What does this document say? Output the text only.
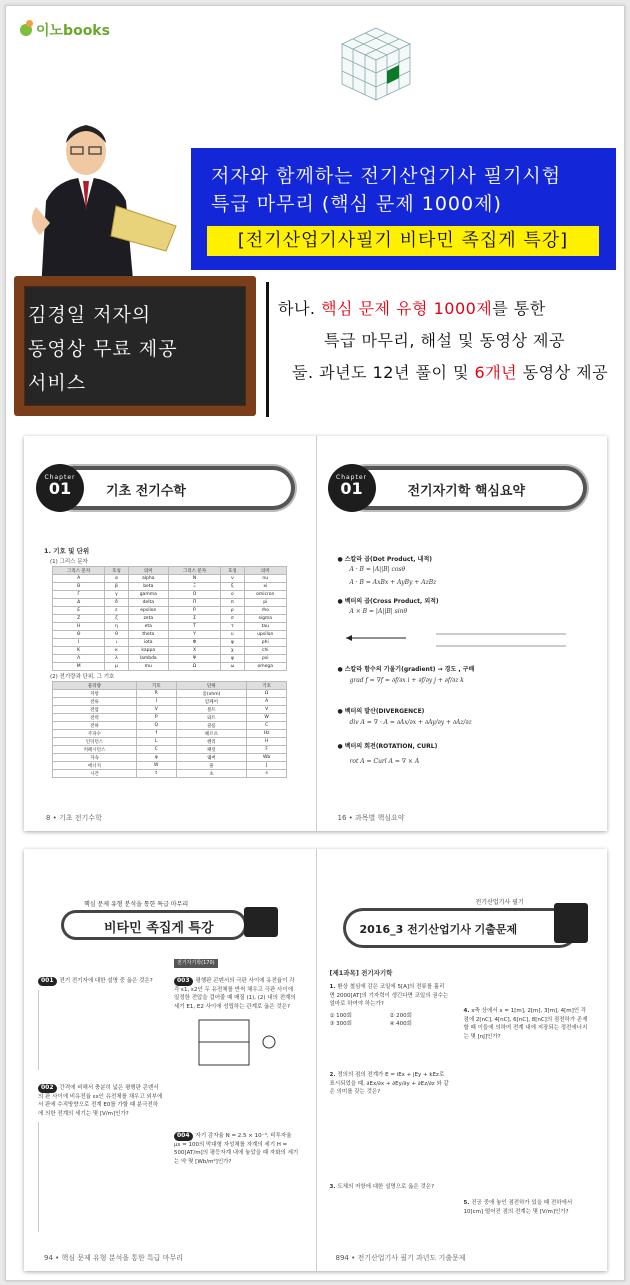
이노books
저자와 함께하는 전기산업기사 필기시험
특급 마무리 (핵심 문제 1000제)
[전기산업기사필기 비타민 족집게 특강]
김경일 저자의
동영상 무료 제공
서비스
하나. 핵심 문제 유형 1000제를 통한
특급 마무리, 해설 및 동영상 제공
둘. 과년도 12년 풀이 및 6개년 동영상 제공
Chapter
01	기초 전기수학
1. 기호 및 단위
(1) 그리스 문자
그리스 문자	호칭	의미	그리스 문자	호칭	의미
A	α	alpha	N	ν	nu
B	β	beta	Ξ	ξ	xi
Γ	γ	gamma	O	ο	omicron
Δ	δ	delta	Π	π	pi
E	ε	epsilon	P	ρ	rho
Z	ζ	zeta	Σ	σ	sigma
H	η	eta	T	τ	tau
Θ	θ	theta	Y	υ	upsilon
I	ι	iota	Φ	φ	phi
K	κ	kappa	X	χ	chi
Λ	λ	lambda	Ψ	ψ	psi
M	μ	mu	Ω	ω	omega
(2) 전기량과 단위, 그 기호
물리량	기호	단위	기호
저항	R	옴(ohm)	Ω
전류	I	암페어	A
전압	V	볼트	V
전력	P	와트	W
전하	Q	쿨롬	C
주파수	f	헤르츠	Hz
인덕턴스	L	헨리	H
커패시턴스	C	패럿	F
자속	φ	웨버	Wb
에너지	W	줄	J
시간	t	초	s
8 • 기초 전기수학
Chapter
01	전기자기학 핵심요약
● 스칼라 곱(Dot Product, 내적)
A · B = |A||B| cosθ
A · B = AxBx + AyBy + AzBz
● 벡터의 곱(Cross Product, 외적)
A × B = |A||B| sinθ
● 스칼라 함수의 기울기(gradient) → 경도 , 구배
grad f = ∇f = ∂f/∂x i + ∂f/∂y j + ∂f/∂z k
● 벡터의 발산(DIVERGENCE)
div A = ∇ · A = ∂Ax/∂x + ∂Ay/∂y + ∂Az/∂z
● 벡터의 회전(ROTATION, CURL)
rot A = Curl A = ∇ × A
16 • 과목별 핵심요약
핵심 문제 유형 분석을 통한 특급 마무리
비타민 족집게 특강
전기자기학(170)
001 전기 전기자에 대한 설명 중 옳은 것은?
002 간격에 비해서 충분히 넓은 평행판 콘덴서의 판 사이에 비유전율 εs인 유전체를 채우고 외부에서 판에 수직방향으로 전계 E0를 가할 때 분극전하에 의한 전계의 세기는 몇 [V/m]인가?
003 평행판 콘덴서의 극판 사이에 유전율이 각각 ε1, ε2인 두 유전체를 반씩 채우고 극판 사이에 일정한 전압을 걸어줄 때 매질 (1), (2) 내의 전계의 세기 E1, E2 사이에 성립하는 관계로 옳은 것은?
004 자기 감자율 N = 2.5 × 10⁻³, 비투자율 μs = 100의 막대형 자성체를 자계의 세기 H = 500[AT/m]의 평등자계 내에 놓았을 때 자화의 세기는 약 몇 [Wb/m²]인가?
94 • 핵심 문제 유형 분석을 통한 특급 마무리
전기산업기사 필기
2016_3 전기산업기사 기출문제
[제1과목] 전기자기학
1. 환상 철심에 감은 코일에 5[A]의 전류를 흘리면 2000[AT]의 기자력이 생긴다면 코일의 권수는 얼마로 하여야 하는가?
① 100회	② 200회
③ 300회	④ 400회
2. 정의의 점의 전계가 E = iEx + jEy + kEz로 표시되었을 때, ∂Ex/∂x + ∂Ey/∂y + ∂Ez/∂z 와 같은 의미를 갖는 것은?
3. 도체의 저항에 대한 설명으로 옳은 것은?
4. x축 상에서 x = 1[m], 2[m], 3[m], 4[m]인 각 점에 2[nC], 4[nC], 6[nC], 8[nC]의 점전하가 존재할 때 이들에 의하여 전계 내에 저장되는 정전에너지는 몇 [nJ]인가?
5. 진공 중에 놓인 점전하가 있을 때 전하에서 10[cm] 떨어진 점의 전계는 몇 [V/m]인가?
894 • 전기산업기사 필기 과년도 기출문제
